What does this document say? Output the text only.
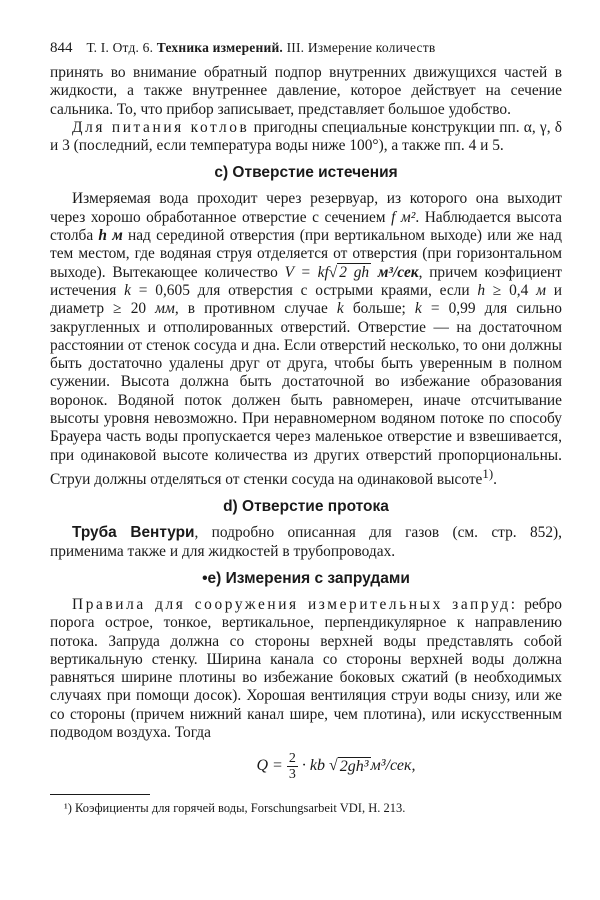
844 Т. I. Отд. 6. Техника измерений. III. Измерение количеств

принять во внимание обратный подпор внутренних движущихся частей в жидкости, а также внутреннее давление, которое действует на сечение сальника. То, что прибор записывает, представляет большое удобство.

Для питания котлов пригодны специальные конструкции пп. α, γ, δ и 3 (последний, если температура воды ниже 100°), а также пп. 4 и 5.

c) Отверстие истечения

Измеряемая вода проходит через резервуар, из которого она выходит через хорошо обработанное отверстие с сечением f м². Наблюдается высота столба h м над серединой отверстия (при вертикальном выходе) или же над тем местом, где водяная струя отделяется от отверстия (при горизонтальном выходе). Вытекающее количество V = kf√ 2 gh м³/сек, причем коэфициент истечения k = 0,605 для отверстия с острыми краями, если h ≥ 0,4 м и диаметр ≥ 20 мм, в противном случае k больше; k = 0,99 для сильно закругленных и отполированных отверстий. Отверстие — на достаточном расстоянии от стенок сосуда и дна. Если отверстий несколько, то они должны быть достаточно удалены друг от друга, чтобы быть уверенным в полном сужении. Высота должна быть достаточной во избежание образования воронок. Водяной поток должен быть равномерен, иначе отсчитывание высоты уровня невозможно. При неравномерном водяном потоке по способу Брауера часть воды пропускается через маленькое отверстие и взвешивается, при одинаковой высоте количества из других отверстий пропорциональны. Струи должны отделяться от стенки сосуда на одинаковой высоте$^{1)}$.

d) Отверстие протока

Труба Вентури, подробно описанная для газов (см. стр. 852), применима также и для жидкостей в трубопроводах.

•e) Измерения с запрудами

Правила для сооружения измерительных запруд: ребро порога острое, тонкое, вертикальное, перпендикулярное к направлению потока. Запруда должна со стороны верхней воды представлять собой вертикальную стенку. Ширина канала со стороны верхней воды должна равняться ширине плотины во избежание боковых сжатий (в необходимых случаях при помощи досок). Хорошая вентиляция струи воды снизу, или же со стороны (причем нижний канал шире, чем плотина), или искусственным подводом воздуха. Тогда

$Q = \frac{2}{3}$ · kb √ 2gh³ м³/сек,
¹) Коэфициенты для горячей воды, Forschungsarbeit VDI, H. 213.
